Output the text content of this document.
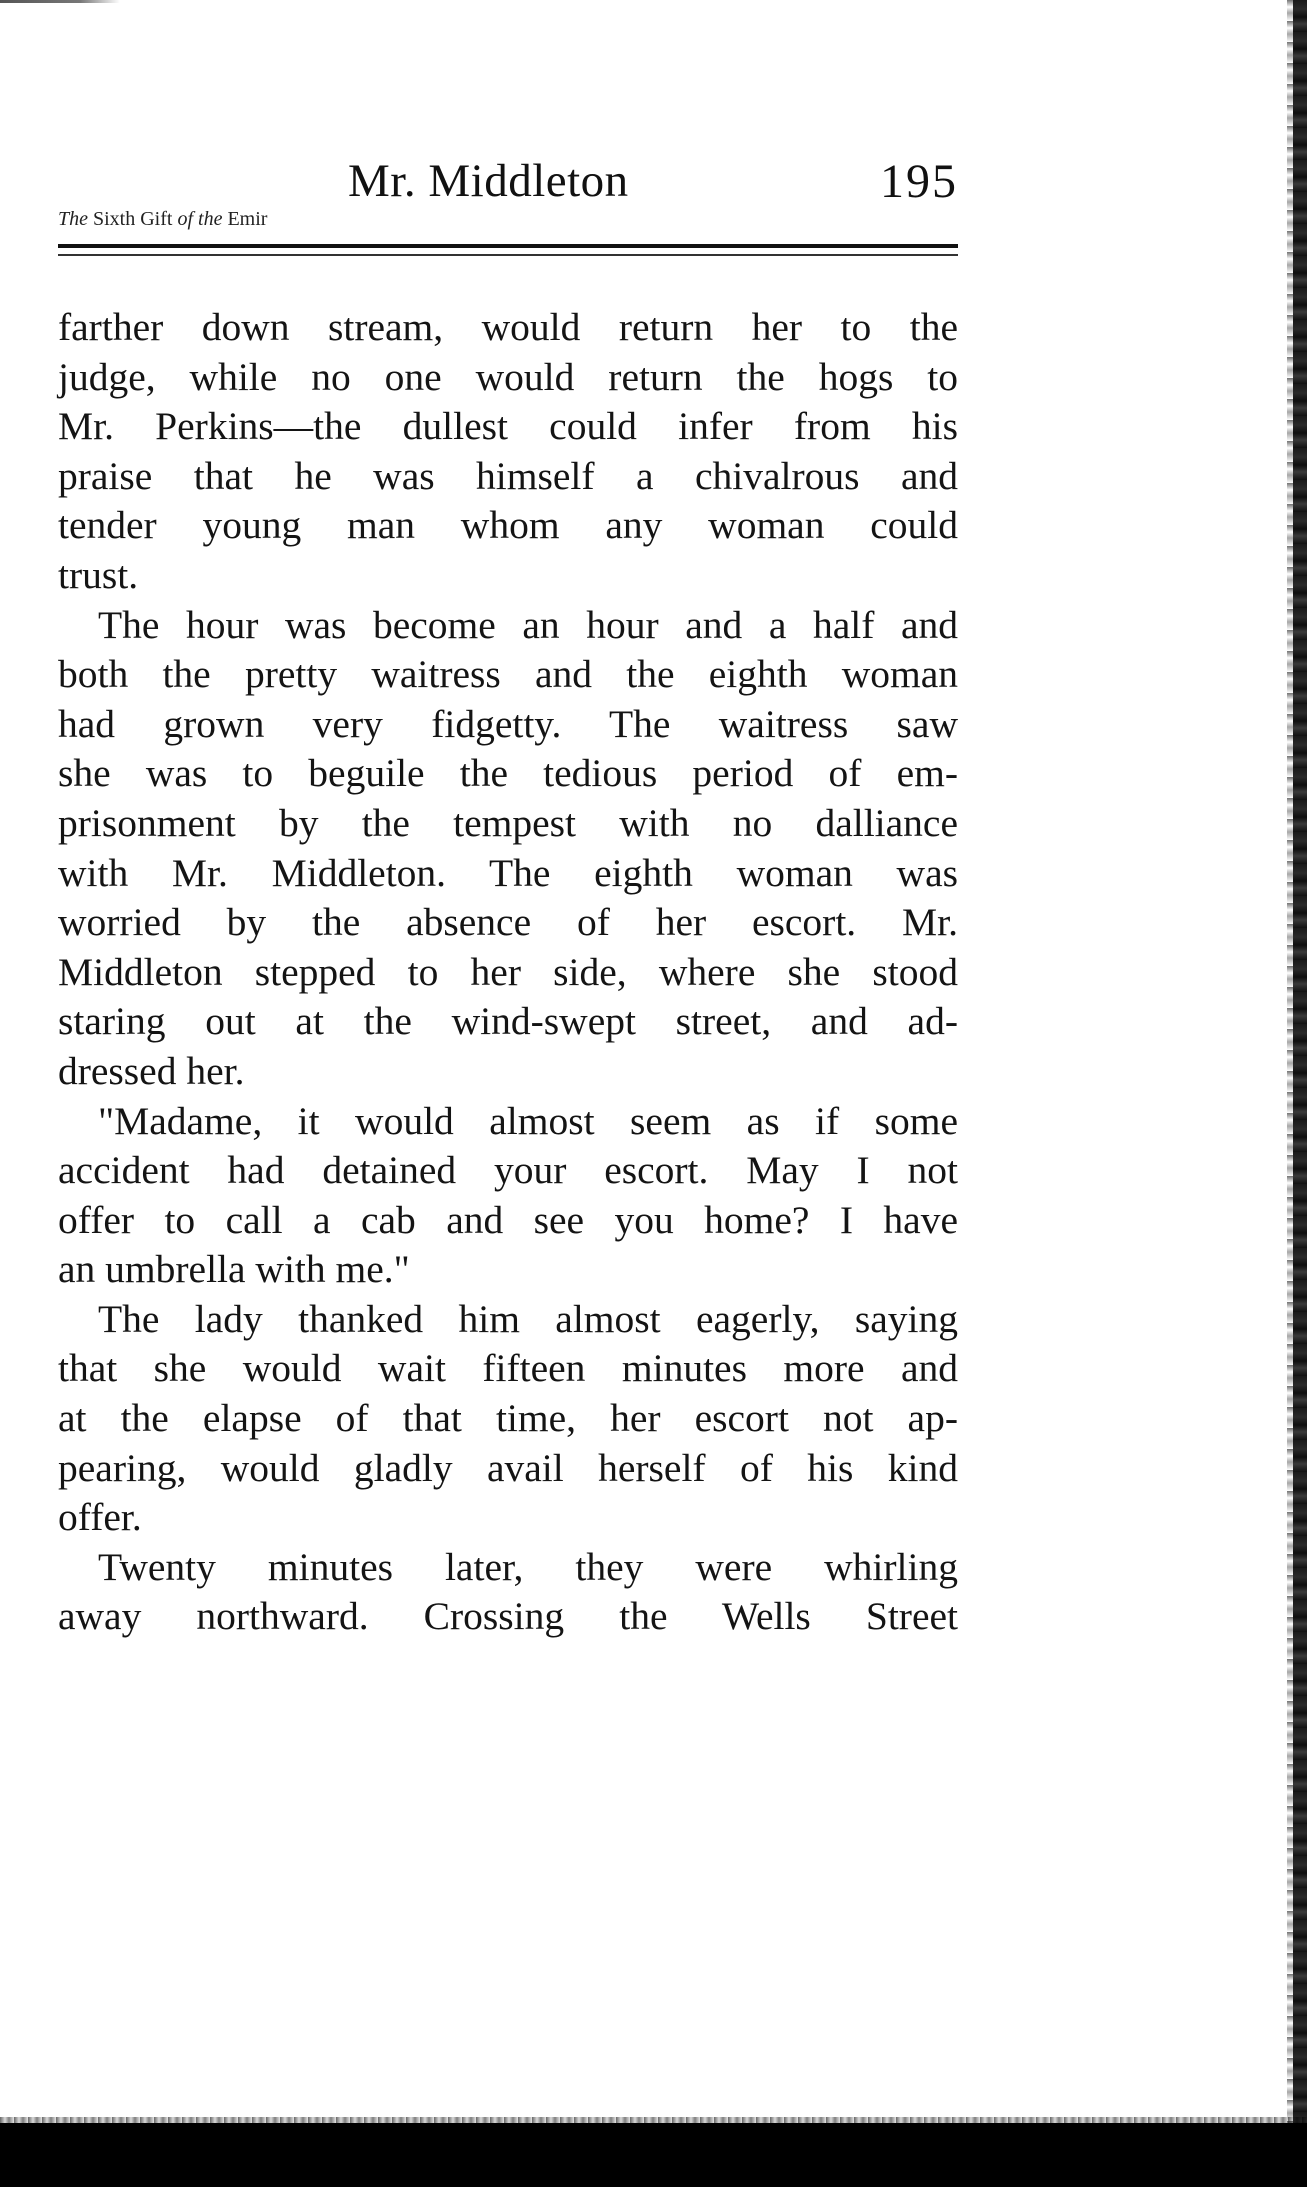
Mr. Middleton	195
The Sixth Gift of the Emir

farther down stream, would return her to the
judge, while no one would return the hogs to
Mr. Perkins—the dullest could infer from his
praise that he was himself a chivalrous and
tender young man whom any woman could
trust.

The hour was become an hour and a half and
both the pretty waitress and the eighth woman
had grown very fidgetty. The waitress saw
she was to beguile the tedious period of em-
prisonment by the tempest with no dalliance
with Mr. Middleton. The eighth woman was
worried by the absence of her escort. Mr.
Middleton stepped to her side, where she stood
staring out at the wind-swept street, and ad-
dressed her.

"Madame, it would almost seem as if some
accident had detained your escort. May I not
offer to call a cab and see you home? I have
an umbrella with me."

The lady thanked him almost eagerly, saying
that she would wait fifteen minutes more and
at the elapse of that time, her escort not ap-
pearing, would gladly avail herself of his kind
offer.

Twenty minutes later, they were whirling
away northward. Crossing the Wells Street
